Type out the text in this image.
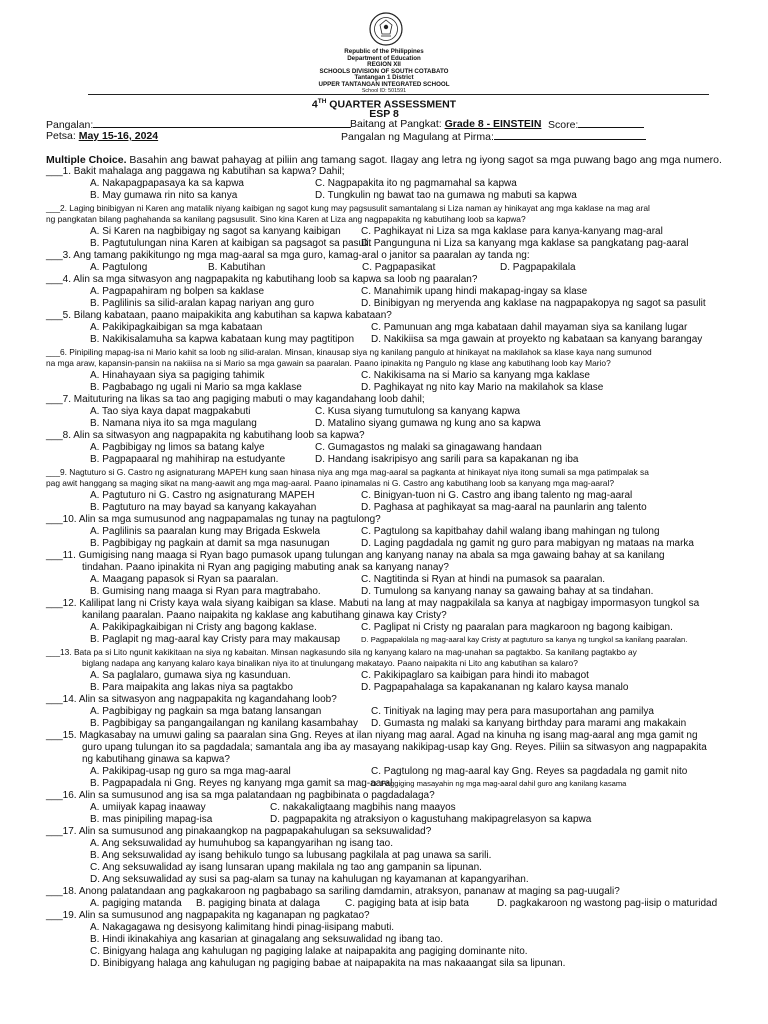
Republic of the Philippines
Department of Education
REGION XII
SCHOOLS DIVISION OF SOUTH COTABATO
Tantangan 1 District
UPPER TANTANGAN INTEGRATED SCHOOL
School ID: 501591
4TH QUARTER ASSESSMENT
ESP 8
Pangalan:	Baitang at Pangkat: Grade 8 - EINSTEIN Score:
Petsa: May 15-16, 2024	Pangalan ng Magulang at Pirma:
Multiple Choice. Basahin ang bawat pahayag at piliin ang tamang sagot. Ilagay ang letra ng iyong sagot sa mga puwang bago ang mga numero.
___1. Bakit mahalaga ang paggawa ng kabutihan sa kapwa? Dahil;
A. Nakapagpapasaya ka sa kapwa	C. Nagpapakita ito ng pagmamahal sa kapwa
B. May gumawa rin nito sa kanya	D. Tungkulin ng bawat tao na gumawa ng mabuti sa kapwa
___2. Laging binibigyan ni Karen ang matalik niyang kaibigan ng sagot kung may pagsusulit samantalang si Liza naman ay hinikayat ang mga kaklase na mag aral
ng pangkatan bilang paghahanda sa kanilang pagsusulit. Sino kina Karen at Liza ang nagpapakita ng kabutihang loob sa kapwa?
A. Si Karen na nagbibigay ng sagot sa kanyang kaibigan C. Paghikayat ni Liza sa mga kaklase para kanya-kanyang mag-aral
B. Pagtutulungan nina Karen at kaibigan sa pagsagot sa pasulit
D. Pangunguna ni Liza sa kanyang mga kaklase sa pangkatang pag-aaral
___3. Ang tamang pakikitungo ng mga mag-aaral sa mga guro, kamag-aral o janitor sa paaralan ay tanda ng:
A. Pagtulong	B. Kabutihan	C. Pagpapasikat	D. Pagpapakilala
___4. Alin sa mga sitwasyon ang nagpapakita ng kabutihang loob sa kapwa sa loob ng paaralan?
A. Pagpapahiram ng bolpen sa kaklase	C. Manahimik upang hindi makapag-ingay sa klase
B. Paglilinis sa silid-aralan kapag nariyan ang guro	D. Binibigyan ng meryenda ang kaklase na nagpapakopya ng sagot sa pasulit
___5. Bilang kabataan, paano maipakikita ang kabutihan sa kapwa kabataan?
A. Pakikipagkaibigan sa mga kabataan	C. Pamunuan ang mga kabataan dahil mayaman siya sa kanilang lugar
B. Nakikisalamuha sa kapwa kabataan kung may pagtitipon D. Nakikiisa sa mga gawain at proyekto ng kabataan sa kanyang barangay
___6. Pinipiling mapag-isa ni Mario kahit sa loob ng silid-aralan. Minsan, kinausap siya ng kanilang pangulo at hinikayat na makilahok sa klase kaya nang sumunod
na mga araw, kapansin-pansin na nakiiisa na si Mario sa mga gawain sa paaralan. Paano ipinakita ng Pangulo ng klase ang kabutihang loob kay Mario?
A. Hinahayaan siya sa pagiging tahimik	C. Nakikisama na si Mario sa kanyang mga kaklase
B. Pagbabago ng ugali ni Mario sa mga kaklase	D. Paghikayat ng nito kay Mario na makilahok sa klase
___7. Maituturing na likas sa tao ang pagiging mabuti o may kagandahang loob dahil;
A. Tao siya kaya dapat magpakabuti	C. Kusa siyang tumutulong sa kanyang kapwa
B. Namana niya ito sa mga magulang	D. Matalino siyang gumawa ng kung ano sa kapwa
___8. Alin sa sitwasyon ang nagpapakita ng kabutihang loob sa kapwa?
A. Pagbibigay ng limos sa batang kalye	C. Gumagastos ng malaki sa ginagawang handaan
B. Pagpapaaral ng mahihirap na estudyante	D. Handang isakripisyo ang sarili para sa kapakanan ng iba
___9. Nagtuturo si G. Castro ng asignaturang MAPEH kung saan hinasa niya ang mga mag-aaral sa pagkanta at hinikayat niya itong sumali sa mga patimpalak sa
pag awit hanggang sa maging sikat na mang-aawit ang mga mag-aaral. Paano ipinamalas ni G. Castro ang kabutihang loob sa kanyang mga mag-aaral?
A. Pagtuturo ni G. Castro ng asignaturang MAPEH	C. Binigyan-tuon ni G. Castro ang ibang talento ng mag-aaral
B. Pagtuturo na may bayad sa kanyang kakayahan	D. Paghasa at paghikayat sa mag-aaral na paunlarin ang talento
___10. Alin sa mga sumusunod ang nagpapamalas ng tunay na pagtulong?
A. Paglilinis sa paaralan kung may Brigada Eskwela	C. Pagtulong sa kapitbahay dahil walang ibang mahingan ng tulong
B. Pagbibigay ng pagkain at damit sa mga nasunugan	D. Laging pagdadala ng gamit ng guro para mabigyan ng mataas na marka
___11. Gumigising nang maaga si Ryan bago pumasok upang tulungan ang kanyang nanay na abala sa mga gawaing bahay at sa kanilang
tindahan. Paano ipinakita ni Ryan ang pagiging mabuting anak sa kanyang nanay?
A. Maagang papasok si Ryan sa paaralan.	C. Nagtitinda si Ryan at hindi na pumasok sa paaralan.
B. Gumising nang maaga si Ryan para magtrabaho.	D. Tumulong sa kanyang nanay sa gawaing bahay at sa tindahan.
___12. Kalilipat lang ni Cristy kaya wala siyang kaibigan sa klase. Mabuti na lang at may nagpakilala sa kanya at nagbigay impormasyon tungkol sa
kanilang paaralan. Paano naipakita ng kaklase ang kabutihang ginawa kay Cristy?
A. Pakikipagkaibigan ni Cristy ang bagong kaklase.	C. Paglipat ni Cristy ng paaralan para magkaroon ng bagong kaibigan.
B. Paglapit ng mag-aaral kay Cristy para may makausap	D. Pagpapakilala ng mag-aaral kay Cristy at pagtuturo sa kanya ng tungkol sa kanilang paaralan.
___13. Bata pa si Lito ngunit kakikitaan na siya ng kabaitan. Minsan nagkasundo sila ng kanyang kalaro na mag-unahan sa pagtakbo. Sa kanilang pagtakbo ay
biglang nadapa ang kanyang kalaro kaya binalikan niya ito at tinulungang makatayo. Paano naipakita ni Lito ang kabutihan sa kalaro?
A. Sa paglalaro, gumawa siya ng kasunduan.	C. Pakikipaglaro sa kaibigan para hindi ito mabagot
B. Para maipakita ang lakas niya sa pagtakbo	D. Pagpapahalaga sa kapakananan ng kalaro kaysa manalo
___14. Alin sa sitwasyon ang nagpapakita ng kagandahang loob?
A. Pagbibigay ng pagkain sa mga batang lansangan	C. Tinitiyak na laging may pera para masuportahan ang pamilya
B. Pagbibigay sa pangangailangan ng kanilang kasambahay D. Gumasta ng malaki sa kanyang birthday para marami ang makakain
___15. Magkasabay na umuwi galing sa paaralan sina Gng. Reyes at ilan niyang mag aaral. Agad na kinuha ng isang mag-aaral ang mga gamit ng
guro upang tulungan ito sa pagdadala; samantala ang iba ay masayang nakikipag-usap kay Gng. Reyes. Piliin sa sitwasyon ang nagpapakita
ng kabutihang ginawa sa kapwa?
A. Pakikipag-usap ng guro sa mga mag-aaral	C. Pagtulong ng mag-aaral kay Gng. Reyes sa pagdadala ng gamit nito
B. Pagpapadala ni Gng. Reyes ng kanyang mga gamit sa mag-aaral
D. Paggiging masayahin ng mga mag-aaral dahil guro ang kanilang kasama
___16. Alin sa sumusunod ang isa sa mga palatandaan ng pagbibinata o pagdadalaga?
A. umiiyak kapag inaaway	C. nakakaligtaang magbihis nang maayos
B. mas pinipiling mapag-isa	D. pagpapakita ng atraksiyon o kagustuhang makipagrelasyon sa kapwa
___17. Alin sa sumusunod ang pinakaangkop na pagpapakahulugan sa seksuwalidad?
A. Ang seksuwalidad ay humuhubog sa kapangyarihan ng isang tao.
B. Ang seksuwalidad ay isang behikulo tungo sa lubusang pagkilala at pag unawa sa sarili.
C. Ang seksuwalidad ay isang lunsaran upang makilala ng tao ang gampanin sa lipunan.
D. Ang seksuwalidad ay susi sa pag-alam sa tunay na kahulugan ng kayamanan at kapangyarihan.
___18. Anong palatandaan ang pagkakaroon ng pagbabago sa sariling damdamin, atraksyon, pananaw at maging sa pag-uugali?
A. pagiging matanda B. pagiging binata at dalaga	C. pagiging bata at isip bata	D. pagkakaroon ng wastong pag-iisip o maturidad
___19. Alin sa sumusunod ang nagpapakita ng kaganapan ng pagkatao?
A. Nakagagawa ng desisyong kalimitang hindi pinag-iisipang mabuti.
B. Hindi ikinakahiya ang kasarian at ginagalang ang seksuwalidad ng ibang tao.
C. Binigyang halaga ang kahulugan ng pagiging lalake at naipapakita ang pagiging dominante nito.
D. Binibigyang halaga ang kahulugan ng pagiging babae at naipapakita na mas nakaaangat sila sa lipunan.
